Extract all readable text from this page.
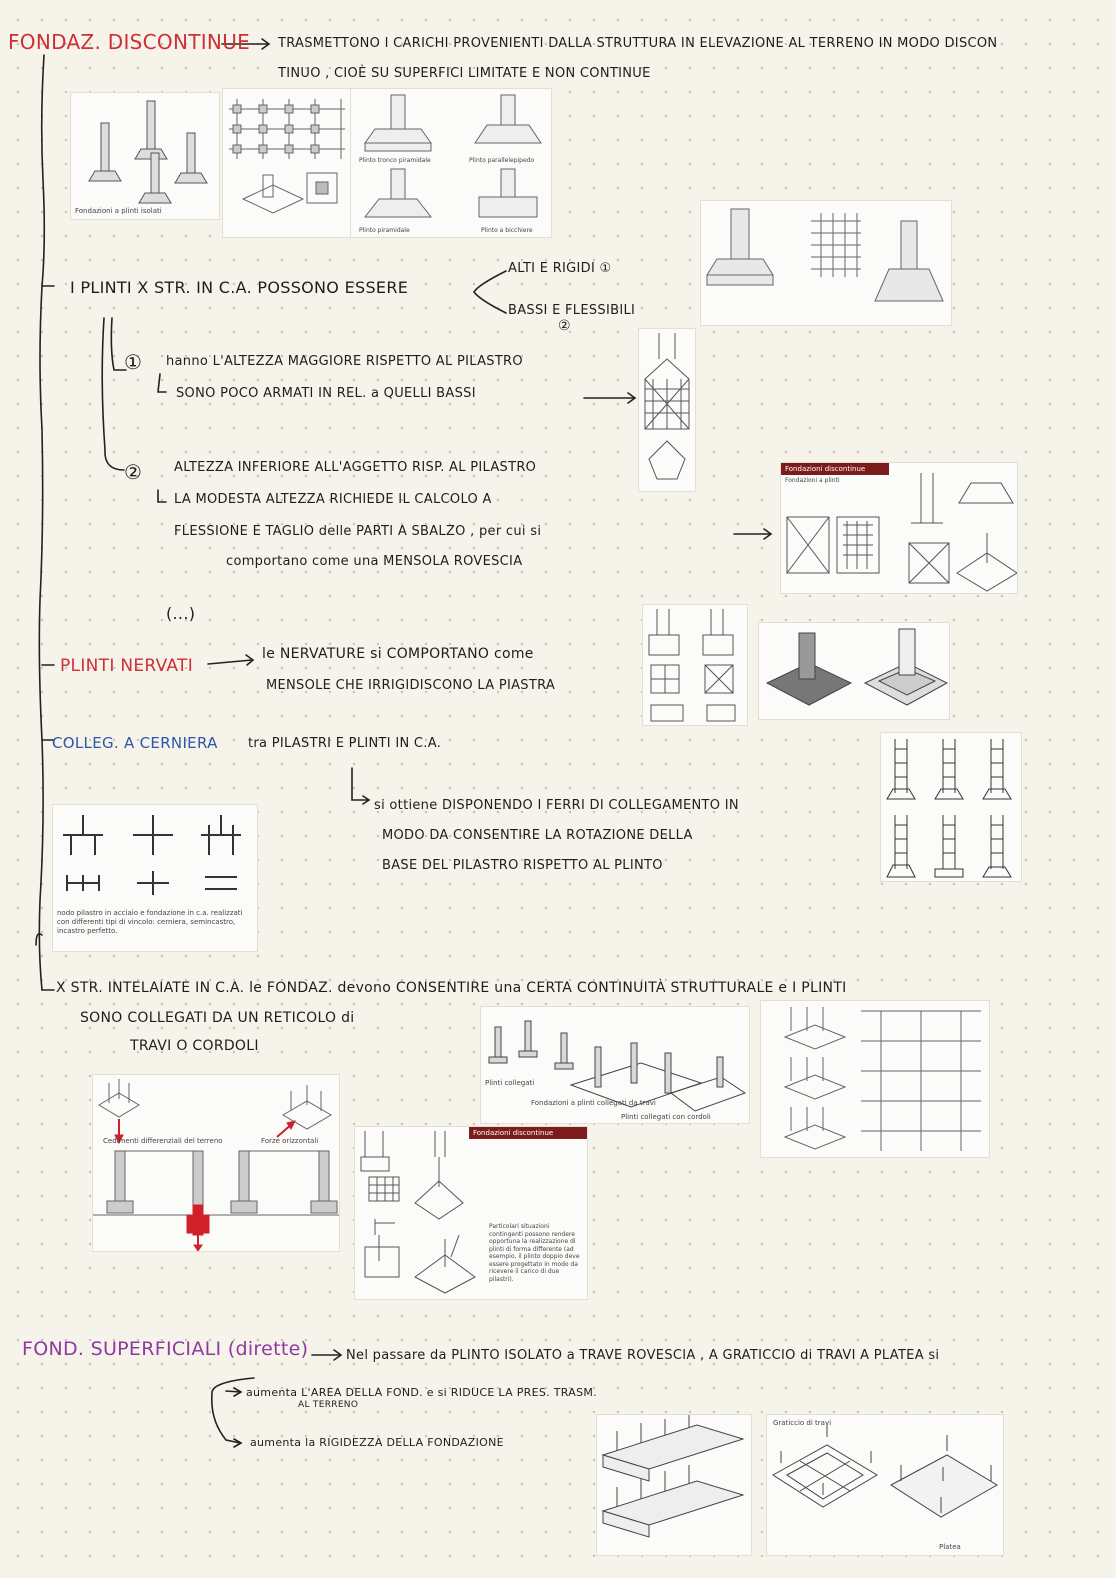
FONDAZ. DISCONTINUE TRASMETTONO I CARICHI PROVENIENTI DALLA STRUTTURA IN ELEVAZIONE AL TERRENO IN MODO DISCON
TINUO , CIOÈ SU SUPERFICI LIMITATE E NON CONTINUE
Fondazioni a plinti isolati
Plinto tronco piramidale	Plinto parallelepipedo
Plinto piramidale	Plinto a bicchiere
I PLINTI X STR. IN C.A. POSSONO ESSERE
ALTI E RIGIDI ①
BASSI E FLESSIBILI
②
① hanno L'ALTEZZA MAGGIORE RISPETTO AL PILASTRO
SONO POCO ARMATI IN REL. a QUELLI BASSI
② ALTEZZA INFERIORE ALL'AGGETTO RISP. AL PILASTRO
LA MODESTA ALTEZZA RICHIEDE IL CALCOLO A
FLESSIONE E TAGLIO delle PARTI A SBALZO , per cui si
comportano come una MENSOLA ROVESCIA
(...)
Fondazioni discontinue
Fondazioni a plinti
PLINTI NERVATI
le NERVATURE si COMPORTANO come
MENSOLE CHE IRRIGIDISCONO LA PIASTRA
COLLEG. A CERNIERA tra PILASTRI E PLINTI IN C.A.
si ottiene DISPONENDO I FERRI DI COLLEGAMENTO IN
MODO DA CONSENTIRE LA ROTAZIONE DELLA
BASE DEL PILASTRO RISPETTO AL PLINTO
nodo pilastro in acciaio e fondazione in c.a. realizzati con differenti tipi di vincolo: cerniera, semincastro, incastro perfetto.
X STR. INTELAIATE IN C.A. le FONDAZ. devono CONSENTIRE una CERTA CONTINUITÀ STRUTTURALE e I PLINTI
SONO COLLEGATI DA UN RETICOLO di
TRAVI O CORDOLI
Plinti collegati
Fondazioni a plinti collegati da travi
Plinti collegati con cordoli
Cedimenti differenziali del terreno	Forze orizzontali
Fondazioni discontinue
Particolari situazioni contingenti possono rendere opportuna la realizzazione di plinti di forma differente (ad esempio, il plinto doppio deve essere progettato in modo da ricevere il carico di due pilastri).
FOND. SUPERFICIALI (dirette)	Nel passare da PLINTO ISOLATO a TRAVE ROVESCIA , A GRATICCIO di TRAVI A PLATEA si
aumenta L'AREA DELLA FOND. e si RIDUCE LA PRES. TRASM.
AL TERRENO
aumenta la RIGIDEZZA DELLA FONDAZIONE
Graticcio di travi
Platea
